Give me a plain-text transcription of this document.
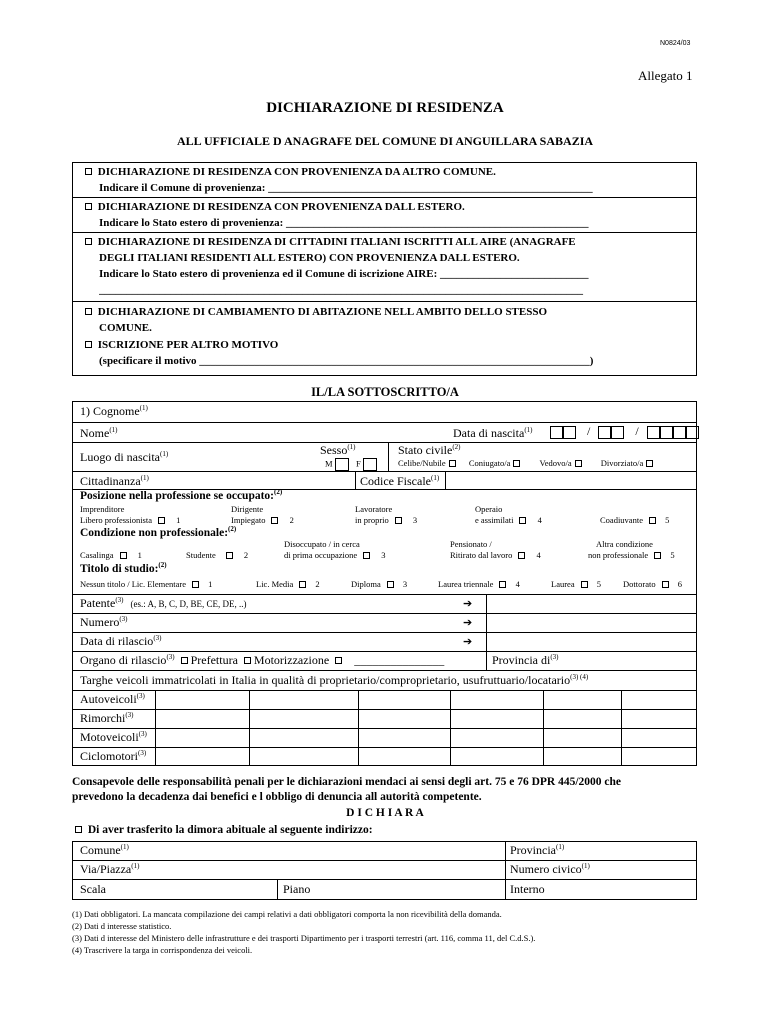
N0824/03
Allegato 1
DICHIARAZIONE DI RESIDENZA
ALL UFFICIALE D ANAGRAFE DEL COMUNE DI ANGUILLARA SABAZIA
DICHIARAZIONE DI RESIDENZA CON PROVENIENZA DA ALTRO COMUNE.
Indicare il Comune di provenienza: ___________________________________________________________
DICHIARAZIONE DI RESIDENZA CON PROVENIENZA DALL ESTERO.
Indicare lo Stato estero di provenienza: _______________________________________________________
DICHIARAZIONE DI RESIDENZA DI CITTADINI ITALIANI ISCRITTI ALL AIRE (ANAGRAFE
DEGLI ITALIANI RESIDENTI ALL ESTERO) CON PROVENIENZA DALL ESTERO.
Indicare lo Stato estero di provenienza ed il Comune di iscrizione AIRE: ___________________________
________________________________________________________________________________________
DICHIARAZIONE DI CAMBIAMENTO DI ABITAZIONE NELL AMBITO DELLO STESSO
COMUNE.
ISCRIZIONE PER ALTRO MOTIVO
(specificare il motivo _______________________________________________________________________)
IL/LA SOTTOSCRITTO/A
1) Cognome$^{(1)}$
Nome$^{(1)}$	Data di nascita$^{(1)}$	/	/
Luogo di nascita$^{(1)}$	Sesso$^{(1)}$
M	F
Stato civile$^{(2)}$
Celibe/Nubile	Coniugato/a	Vedovo/a	Divorziato/a
Cittadinanza$^{(1)}$	Codice Fiscale$^{(1)}$
Posizione nella professione se occupato:$^{(2)}$
Imprenditore
Libero professionista	1
Dirigente
Impiegato	2
Lavoratore
in proprio	3
Operaio
e assimilati	4	Coadiuvante	5
Condizione non professionale:$^{(2)}$
Casalinga	1	Studente	2
Disoccupato / in cerca
di prima occupazione	3
Pensionato /
Ritirato dal lavoro	4
Altra condizione
non professionale	5
Titolo di studio:$^{(2)}$
Nessun titolo / Lic. Elementare	1	Lic. Media	2	Diploma	3	Laurea triennale	4	Laurea	5	Dottorato	6
Patente$^{(3)}$ (es.: A, B, C, D, BE, CE, DE, ..)	➔
Numero$^{(3)}$	➔
Data di rilascio$^{(3)}$	➔
Organo di rilascio$^{(3)}$ Prefettura Motorizzazione _______________	Provincia $di^{(3)}$
Targhe veicoli immatricolati in Italia in qualità di proprietario/comproprietario, usufruttuario/locatario$^{(3) (4)}$
Autoveicoli$^{(3)}$
Rimorchi$^{(3)}$
Motoveicoli$^{(3)}$
Ciclomotori$^{(3)}$
Consapevole delle responsabilità penali per le dichiarazioni mendaci ai sensi degli art. 75 e 76 DPR 445/2000 che
prevedono la decadenza dai benefici e l obbligo di denuncia all autorità competente.
D I C H I A R A
Di aver trasferito la dimora abituale al seguente indirizzo:
Comune$^{(1)}$	Provincia$^{(1)}$
Via/Piazza$^{(1)}$	Numero civico$^{(1)}$
Scala	Piano	Interno
(1) Dati obbligatori. La mancata compilazione dei campi relativi a dati obbligatori comporta la non ricevibilità della domanda.
(2) Dati d interesse statistico.
(3) Dati d interesse del Ministero delle infrastrutture e dei trasporti Dipartimento per i trasporti terrestri (art. 116, comma 11, del C.d.S.).
(4) Trascrivere la targa in corrispondenza dei veicoli.
